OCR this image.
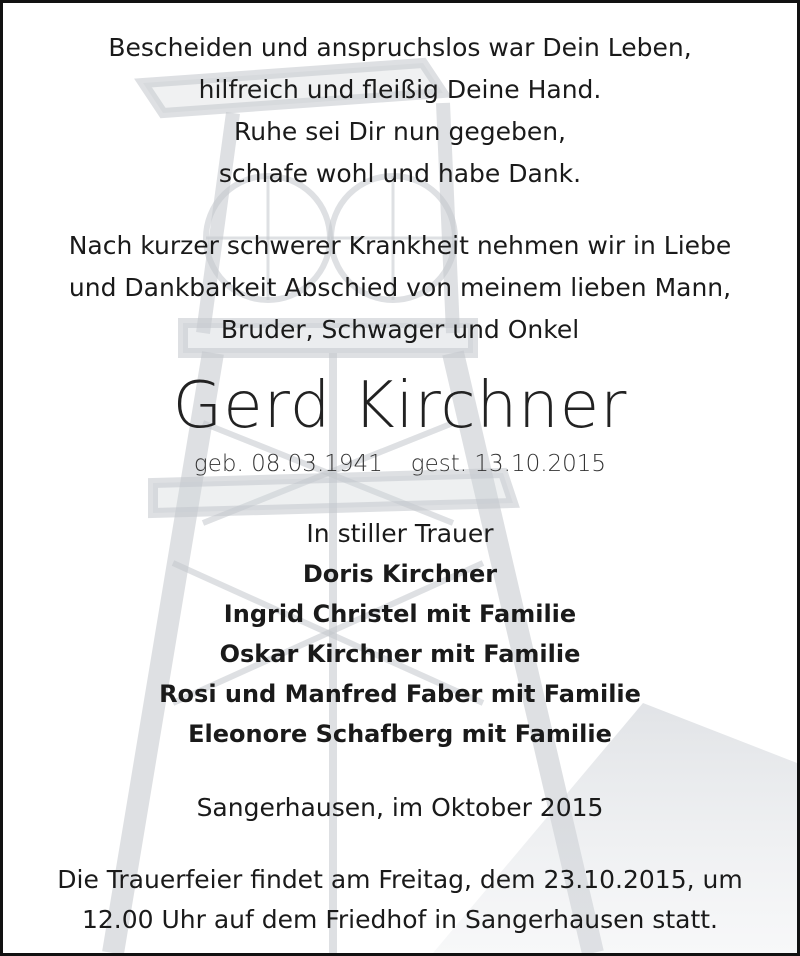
Bescheiden und anspruchslos war Dein Leben,
hilfreich und fleißig Deine Hand.
Ruhe sei Dir nun gegeben,
schlafe wohl und habe Dank.
Nach kurzer schwerer Krankheit nehmen wir in Liebe
und Dankbarkeit Abschied von meinem lieben Mann,
Bruder, Schwager und Onkel
Gerd Kirchner
geb. 08.03.1941 gest. 13.10.2015
In stiller Trauer
Doris Kirchner
Ingrid Christel mit Familie
Oskar Kirchner mit Familie
Rosi und Manfred Faber mit Familie
Eleonore Schafberg mit Familie
Sangerhausen, im Oktober 2015
Die Trauerfeier findet am Freitag, dem 23.10.2015, um
12.00 Uhr auf dem Friedhof in Sangerhausen statt.
